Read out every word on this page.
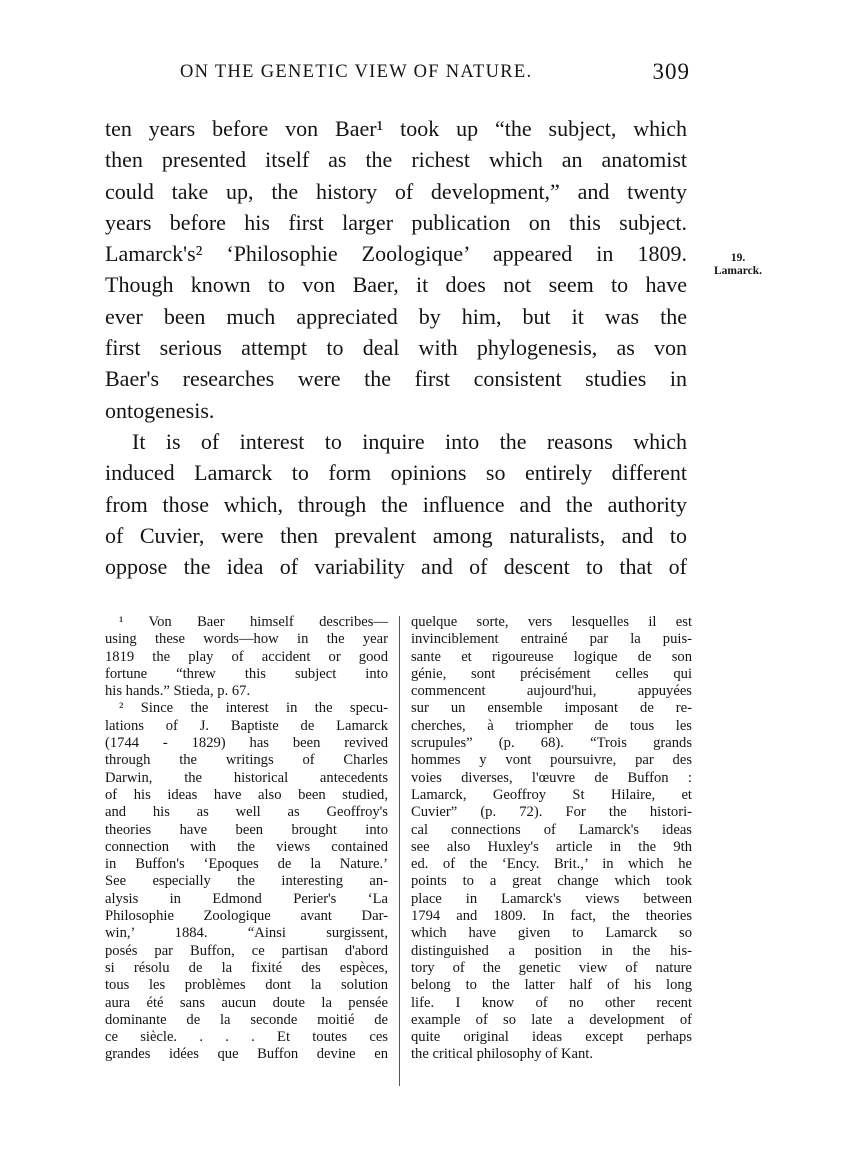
ON THE GENETIC VIEW OF NATURE.	309
ten years before von Baer¹ took up “the subject, which
then presented itself as the richest which an anatomist
could take up, the history of development,” and twenty
years before his first larger publication on this subject.
Lamarck's² ‘Philosophie Zoologique’ appeared in 1809.
Though known to von Baer, it does not seem to have
ever been much appreciated by him, but it was the
first serious attempt to deal with phylogenesis, as von
Baer's researches were the first consistent studies in
ontogenesis.
It is of interest to inquire into the reasons which
induced Lamarck to form opinions so entirely different
from those which, through the influence and the authority
of Cuvier, were then prevalent among naturalists, and to
oppose the idea of variability and of descent to that of
19.
Lamarck.
¹ Von Baer himself describes—
using these words—how in the year
1819 the play of accident or good
fortune “threw this subject into
his hands.” Stieda, p. 67.
² Since the interest in the specu-
lations of J. Baptiste de Lamarck
(1744 - 1829) has been revived
through the writings of Charles
Darwin, the historical antecedents
of his ideas have also been studied,
and his as well as Geoffroy's
theories have been brought into
connection with the views contained
in Buffon's ‘Epoques de la Nature.’
See especially the interesting an-
alysis in Edmond Perier's ‘La
Philosophie Zoologique avant Dar-
win,’ 1884. “Ainsi surgissent,
posés par Buffon, ce partisan d'abord
si résolu de la fixité des espèces,
tous les problèmes dont la solution
aura été sans aucun doute la pensée
dominante de la seconde moitié de
ce siècle. . . . Et toutes ces
grandes idées que Buffon devine en
quelque sorte, vers lesquelles il est
invinciblement entrainé par la puis-
sante et rigoureuse logique de son
génie, sont précisément celles qui
commencent aujourd'hui, appuyées
sur un ensemble imposant de re-
cherches, à triompher de tous les
scrupules” (p. 68). “Trois grands
hommes y vont poursuivre, par des
voies diverses, l'œuvre de Buffon :
Lamarck, Geoffroy St Hilaire, et
Cuvier” (p. 72). For the histori-
cal connections of Lamarck's ideas
see also Huxley's article in the 9th
ed. of the ‘Ency. Brit.,’ in which he
points to a great change which took
place in Lamarck's views between
1794 and 1809. In fact, the theories
which have given to Lamarck so
distinguished a position in the his-
tory of the genetic view of nature
belong to the latter half of his long
life. I know of no other recent
example of so late a development of
quite original ideas except perhaps
the critical philosophy of Kant.
